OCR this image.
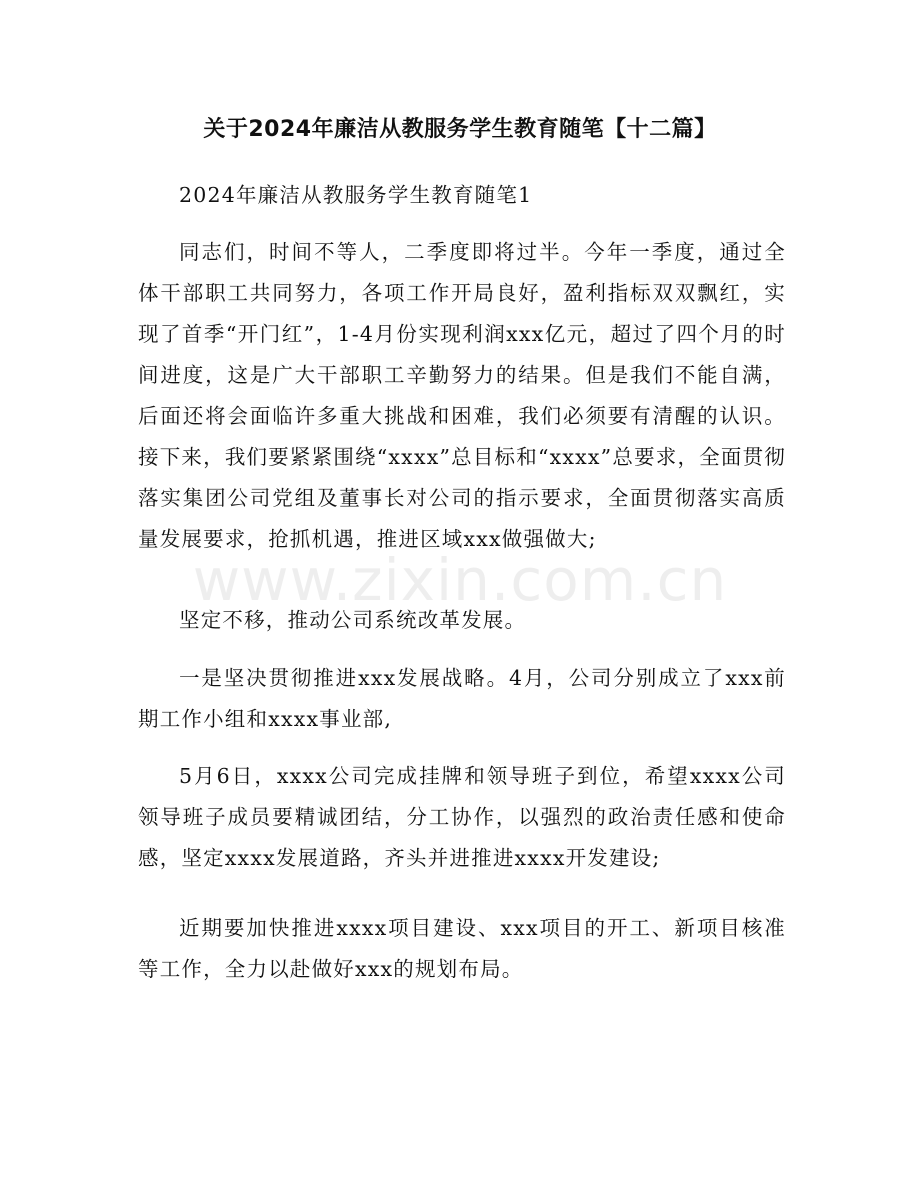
关于2024年廉洁从教服务学生教育随笔【十二篇】

2024年廉洁从教服务学生教育随笔1

同志们，时间不等人，二季度即将过半。今年一季度，通过全体干部职工共同努力，各项工作开局良好，盈利指标双双飘红，实现了首季“开门红”，1-4月份实现利润xxx亿元，超过了四个月的时间进度，这是广大干部职工辛勤努力的结果。但是我们不能自满，后面还将会面临许多重大挑战和困难，我们必须要有清醒的认识。接下来，我们要紧紧围绕“xxxx”总目标和“xxxx”总要求，全面贯彻落实集团公司党组及董事长对公司的指示要求，全面贯彻落实高质量发展要求，抢抓机遇，推进区域xxx做强做大;

坚定不移，推动公司系统改革发展。

一是坚决贯彻推进xxx发展战略。4月，公司分别成立了xxx前期工作小组和xxxx事业部,

5月6日，xxxx公司完成挂牌和领导班子到位，希望xxxx公司领导班子成员要精诚团结，分工协作，以强烈的政治责任感和使命感，坚定xxxx发展道路，齐头并进推进xxxx开发建设;

近期要加快推进xxxx项目建设、xxx项目的开工、新项目核准等工作，全力以赴做好xxx的规划布局。

www.zixin.com.cn
